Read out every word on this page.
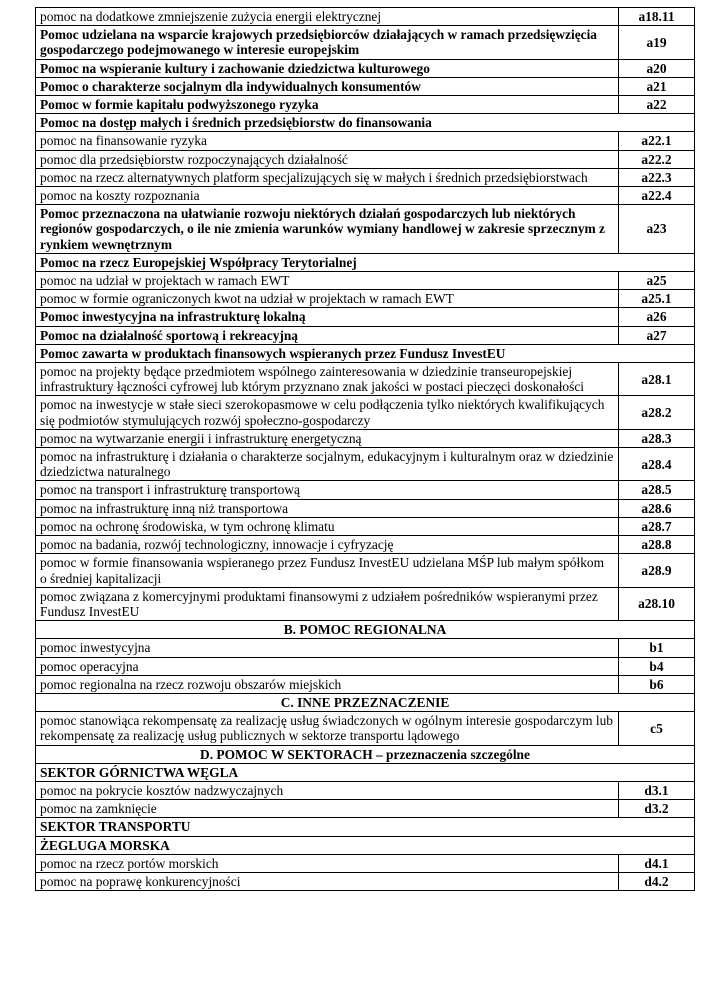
pomoc na dodatkowe zmniejszenie zużycia energii elektrycznej	a18.11
Pomoc udzielana na wsparcie krajowych przedsiębiorców działających w ramach przedsięwzięcia gospodarczego podejmowanego w interesie europejskim	a19
Pomoc na wspieranie kultury i zachowanie dziedzictwa kulturowego	a20
Pomoc o charakterze socjalnym dla indywidualnych konsumentów	a21
Pomoc w formie kapitału podwyższonego ryzyka	a22
Pomoc na dostęp małych i średnich przedsiębiorstw do finansowania	
pomoc na finansowanie ryzyka	a22.1
pomoc dla przedsiębiorstw rozpoczynających działalność	a22.2
pomoc na rzecz alternatywnych platform specjalizujących się w małych i średnich przedsiębiorstwach	a22.3
pomoc na koszty rozpoznania	a22.4
Pomoc przeznaczona na ułatwianie rozwoju niektórych działań gospodarczych lub niektórych regionów gospodarczych, o ile nie zmienia warunków wymiany handlowej w zakresie sprzecznym z rynkiem wewnętrznym	a23
Pomoc na rzecz Europejskiej Współpracy Terytorialnej	
pomoc na udział w projektach w ramach EWT	a25
pomoc w formie ograniczonych kwot na udział w projektach w ramach EWT	a25.1
Pomoc inwestycyjna na infrastrukturę lokalną	a26
Pomoc na działalność sportową i rekreacyjną	a27
Pomoc zawarta w produktach finansowych wspieranych przez Fundusz InvestEU	
pomoc na projekty będące przedmiotem wspólnego zainteresowania w dziedzinie transeuropejskiej infrastruktury łączności cyfrowej lub którym przyznano znak jakości w postaci pieczęci doskonałości	a28.1
pomoc na inwestycje w stałe sieci szerokopasmowe w celu podłączenia tylko niektórych kwalifikujących się podmiotów stymulujących rozwój społeczno-gospodarczy	a28.2
pomoc na wytwarzanie energii i infrastrukturę energetyczną	a28.3
pomoc na infrastrukturę i działania o charakterze socjalnym, edukacyjnym i kulturalnym oraz w dziedzinie dziedzictwa naturalnego	a28.4
pomoc na transport i infrastrukturę transportową	a28.5
pomoc na infrastrukturę inną niż transportowa	a28.6
pomoc na ochronę środowiska, w tym ochronę klimatu	a28.7
pomoc na badania, rozwój technologiczny, innowacje i cyfryzację	a28.8
pomoc w formie finansowania wspieranego przez Fundusz InvestEU udzielana MŚP lub małym spółkom o średniej kapitalizacji	a28.9
pomoc związana z komercyjnymi produktami finansowymi z udziałem pośredników wspieranymi przez Fundusz InvestEU	a28.10
B. POMOC REGIONALNA	
pomoc inwestycyjna	b1
pomoc operacyjna	b4
pomoc regionalna na rzecz rozwoju obszarów miejskich	b6
C. INNE PRZEZNACZENIE	
pomoc stanowiąca rekompensatę za realizację usług świadczonych w ogólnym interesie gospodarczym lub rekompensatę za realizację usług publicznych w sektorze transportu lądowego	c5
D. POMOC W SEKTORACH – przeznaczenia szczególne	
SEKTOR GÓRNICTWA WĘGLA	
pomoc na pokrycie kosztów nadzwyczajnych	d3.1
pomoc na zamknięcie	d3.2
SEKTOR TRANSPORTU	
ŻEGLUGA MORSKA	
pomoc na rzecz portów morskich	d4.1
pomoc na poprawę konkurencyjności	d4.2
